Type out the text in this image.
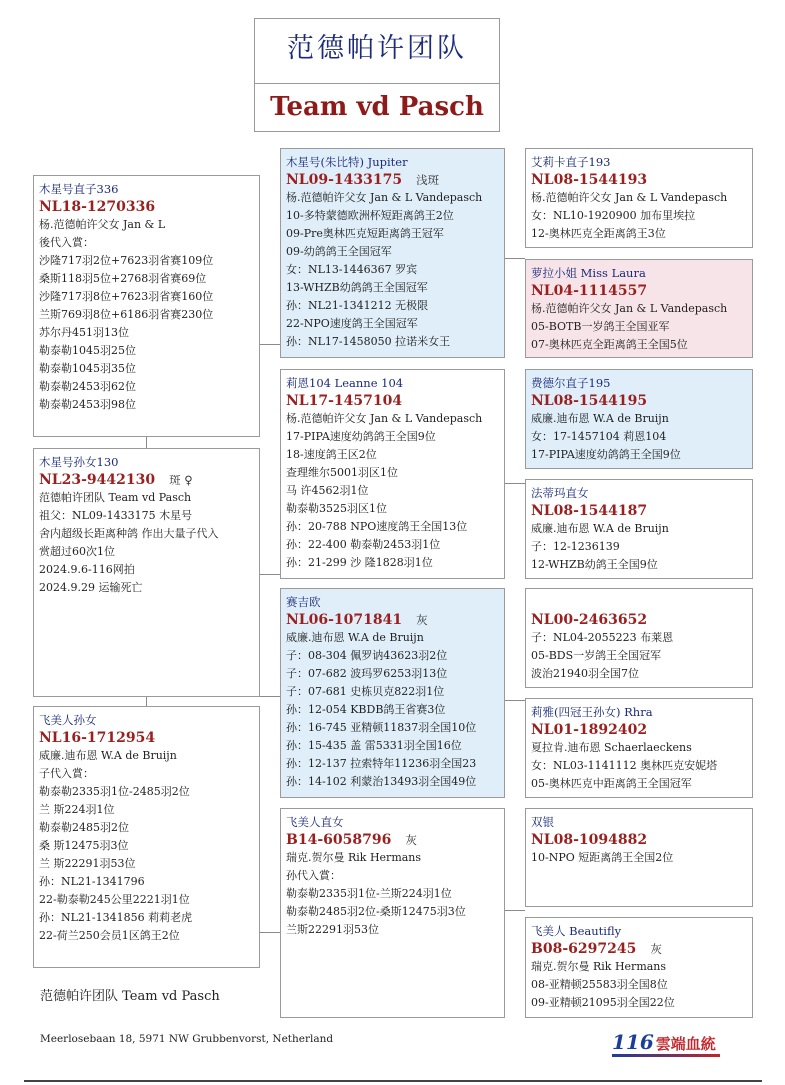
范德帕许团队
Team vd Pasch
木星号直子336
NL18-1270336
杨.范德帕许父女 Jan & L
後代入賞：
沙隆717羽2位+7623羽省赛109位
桑斯118羽5位+2768羽省赛69位
沙隆717羽8位+7623羽省赛160位
兰斯769羽8位+6186羽省赛230位
苏尔丹451羽13位
勒泰勒1045羽25位
勒泰勒1045羽35位
勒泰勒2453羽62位
勒泰勒2453羽98位
木星号孙女130
NL23-9442130 斑 ♀
范德帕许团队 Team vd Pasch
祖父：NL09-1433175 木星号
舍内超级长距离种鸽 作出大量子代入
赏超过60次1位
2024.9.6-116网拍
2024.9.29 运输死亡
飞美人孙女
NL16-1712954
威廉.迪布恩 W.A de Bruijn
子代入賞：
勒泰勒2335羽1位-2485羽2位
兰 斯224羽1位
勒泰勒2485羽2位
桑 斯12475羽3位
兰 斯22291羽53位
孙：NL21-1341796
22-勒泰勒245公里2221羽1位
孙：NL21-1341856 莉莉老虎
22-荷兰250会员1区鸽王2位
木星号(朱比特) Jupiter
NL09-1433175 浅斑
杨.范德帕许父女 Jan & L Vandepasch
10-多特蒙德欧洲杯短距离鸽王2位
09-Pre奥林匹克短距离鸽王冠军
09-幼鸽鸽王全国冠军
女：NL13-1446367 罗宾
13-WHZB幼鸽鸽王全国冠军
孙：NL21-1341212 无极限
22-NPO速度鸽王全国冠军
孙：NL17-1458050 拉诺米女王
莉恩104 Leanne 104
NL17-1457104
杨.范德帕许父女 Jan & L Vandepasch
17-PIPA速度幼鸽鸽王全国9位
18-速度鸽王区2位
查理维尔5001羽区1位
马 许4562羽1位
勒泰勒3525羽区1位
孙：20-788 NPO速度鸽王全国13位
孙：22-400 勒泰勒2453羽1位
孙：21-299 沙 隆1828羽1位
赛吉欧
NL06-1071841 灰
威廉.迪布恩 W.A de Bruijn
子：08-304 佩罗讷43623羽2位
子：07-682 波玛罗6253羽13位
子：07-681 史栋贝克822羽1位
孙：12-054 KBDB鸽王省赛3位
孙：16-745 亚精顿11837羽全国10位
孙：15-435 盖 雷5331羽全国16位
孙：12-137 拉索特年11236羽全国23
孙：14-102 利蒙治13493羽全国49位
飞美人直女
B14-6058796 灰
瑞克.贺尔曼 Rik Hermans
孙代入賞：
勒泰勒2335羽1位-兰斯224羽1位
勒泰勒2485羽2位-桑斯12475羽3位
兰斯22291羽53位
艾莉卡直子193
NL08-1544193
杨.范德帕许父女 Jan & L Vandepasch
女：NL10-1920900 加布里埃拉
12-奥林匹克全距离鸽王3位
萝拉小姐 Miss Laura
NL04-1114557
杨.范德帕许父女 Jan & L Vandepasch
05-BOTB一岁鸽王全国亚军
07-奥林匹克全距离鸽王全国5位
费德尔直子195
NL08-1544195
威廉.迪布恩 W.A de Bruijn
女：17-1457104 莉恩104
17-PIPA速度幼鸽鸽王全国9位
法蒂玛直女
NL08-1544187
威廉.迪布恩 W.A de Bruijn
子：12-1236139
12-WHZB幼鸽王全国9位
NL00-2463652
子：NL04-2055223 布莱恩
05-BDS一岁鸽王全国冠军
波治21940羽全国7位
莉雅(四冠王孙女) Rhra
NL01-1892402
夏拉肯.迪布恩 Schaerlaeckens
女：NL03-1141112 奥林匹克安妮塔
05-奥林匹克中距离鸽王全国冠军
双银
NL08-1094882
10-NPO 短距离鸽王全国2位
飞美人 Beautifly
B08-6297245 灰
瑞克.贺尔曼 Rik Hermans
08-亚精顿25583羽全国8位
09-亚精顿21095羽全国22位
范德帕许团队 Team vd Pasch
Meerlosebaan 18, 5971 NW Grubbenvorst, Netherland	116 雲端血統
